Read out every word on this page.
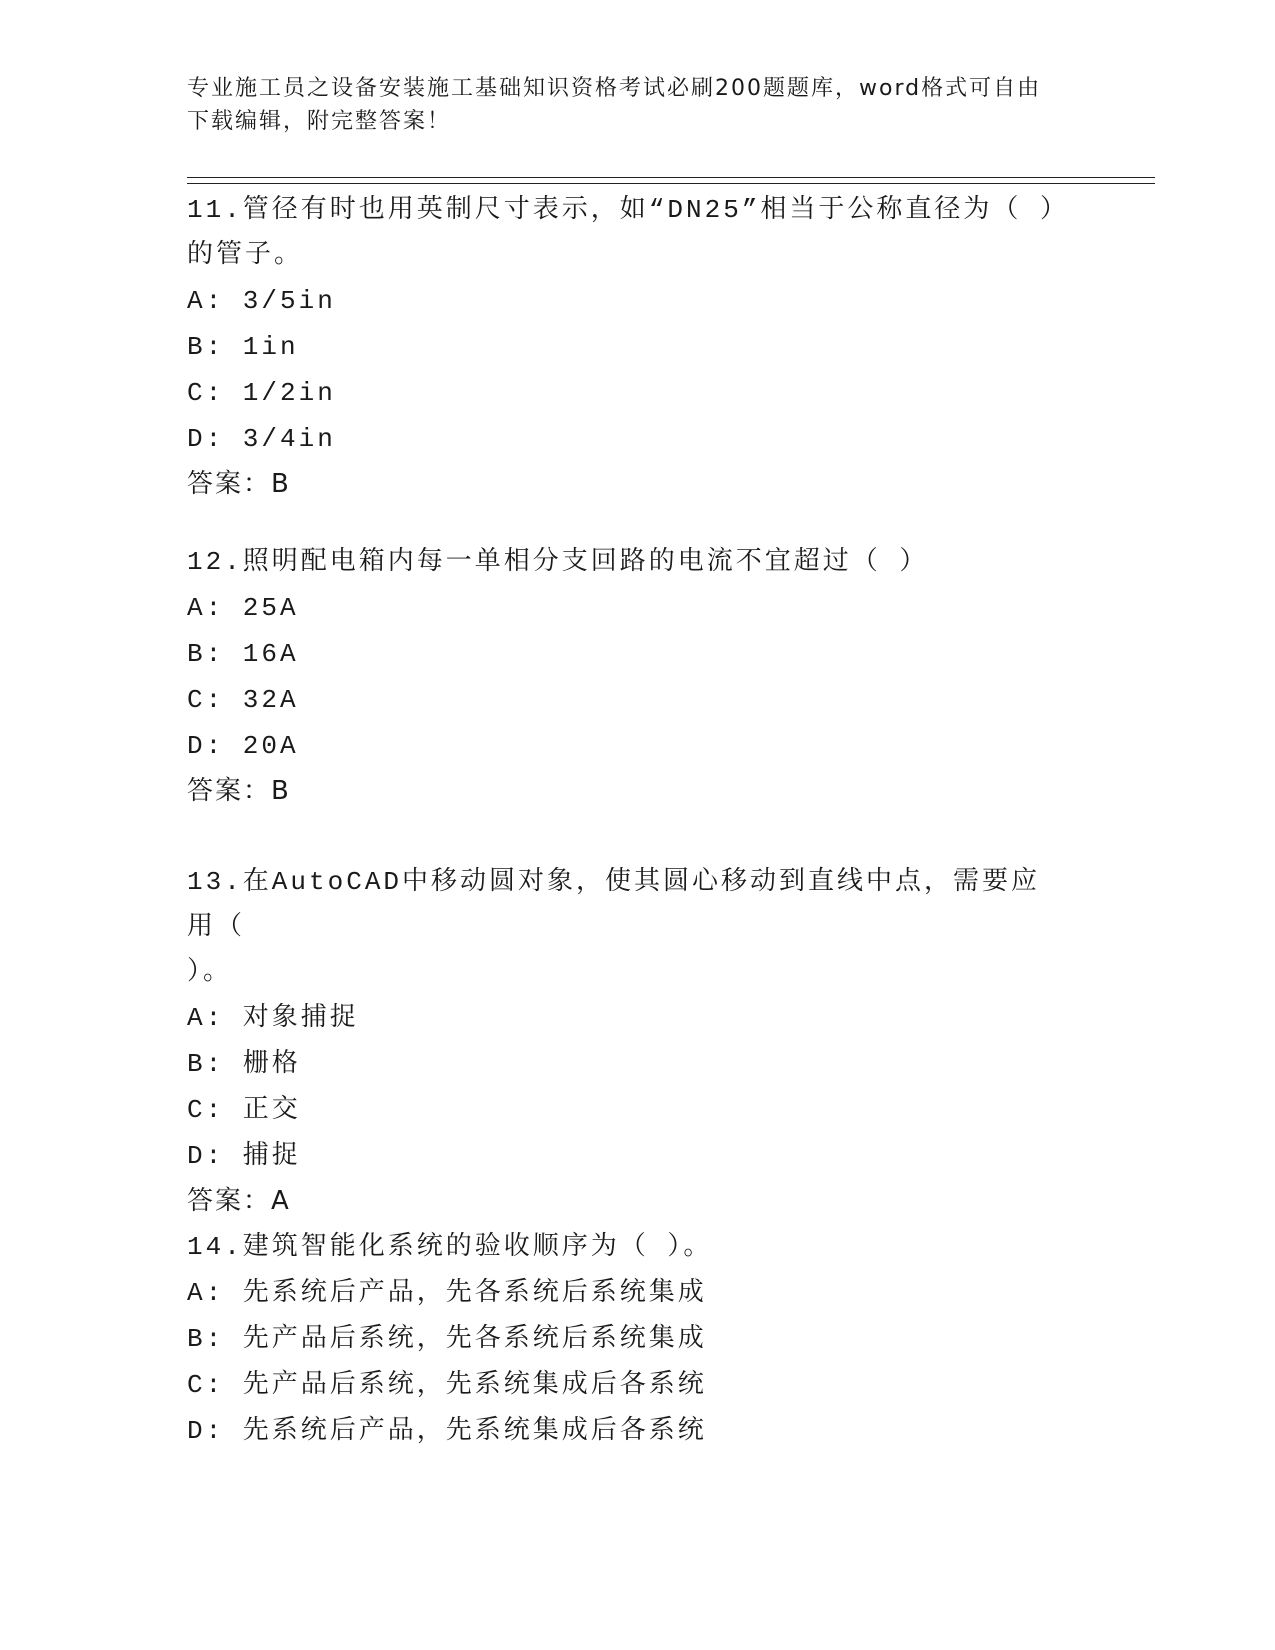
专业施工员之设备安装施工基础知识资格考试必刷200题题库，word格式可自由
下载编辑，附完整答案！

11.管径有时也用英制尺寸表示，如“DN25”相当于公称直径为（ ）

的管子。

A: 3/5in

B: 1in

C: 1/2in

D: 3/4in

答案：B

12.照明配电箱内每一单相分支回路的电流不宜超过（ ）

A: 25A

B: 16A

C: 32A

D: 20A

答案：B

13.在AutoCAD中移动圆对象，使其圆心移动到直线中点，需要应用（

）。

A: 对象捕捉

B: 栅格

C: 正交

D: 捕捉

答案：A

14.建筑智能化系统的验收顺序为（ ）。

A: 先系统后产品，先各系统后系统集成

B: 先产品后系统，先各系统后系统集成

C: 先产品后系统，先系统集成后各系统

D: 先系统后产品，先系统集成后各系统
